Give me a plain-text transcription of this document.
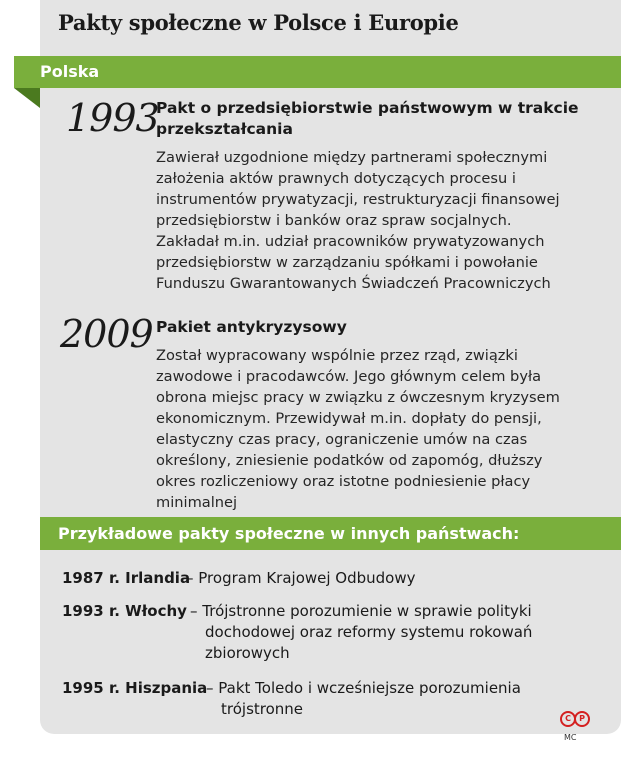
Pakty społeczne w Polsce i Europie
Polska
1993
Pakt o przedsiębiorstwie państwowym w trakcie
przekształcania
Zawierał uzgodnione między partnerami społecznymi
założenia aktów prawnych dotyczących procesu i
instrumentów prywatyzacji, restrukturyzacji finansowej
przedsiębiorstw i banków oraz spraw socjalnych.
Zakładał m.in. udział pracowników prywatyzowanych
przedsiębiorstw w zarządzaniu spółkami i powołanie
Funduszu Gwarantowanych Świadczeń Pracowniczych
2009 Pakiet antykryzysowy
Został wypracowany wspólnie przez rząd, związki
zawodowe i pracodawców. Jego głównym celem była
obrona miejsc pracy w związku z ówczesnym kryzysem
ekonomicznym. Przewidywał m.in. dopłaty do pensji,
elastyczny czas pracy, ograniczenie umów na czas
określony, zniesienie podatków od zapomóg, dłuższy
okres rozliczeniowy oraz istotne podniesienie płacy
minimalnej
Przykładowe pakty społeczne w innych państwach:
1987 r. Irlandia
– Program Krajowej Odbudowy
1993 r. Włochy – Trójstronne porozumienie w sprawie polityki
dochodowej oraz reformy systemu rokowań
zbiorowych
1995 r. Hiszpania
– Pakt Toledo i wcześniejsze porozumienia
trójstronne
C PMC
